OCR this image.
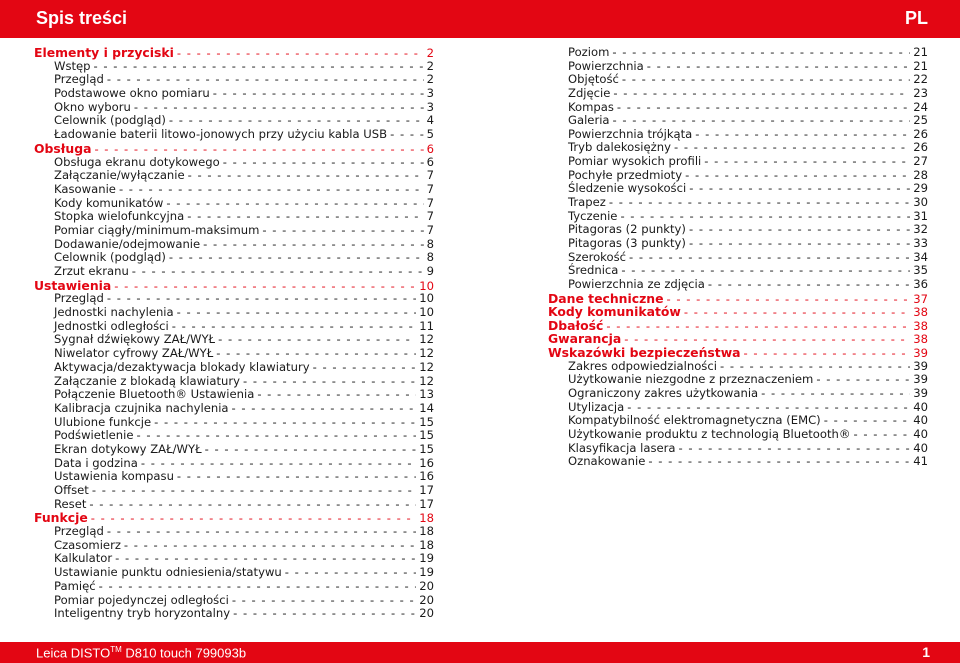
Spis treści	PL
Elementy i przyciski - - -	2
Wstęp - - -	2
Przegląd - - -	2
Podstawowe okno pomiaru - - -	3
Okno wyboru - - -	3
Celownik (podgląd) - - -	4
Ładowanie baterii litowo-jonowych przy użyciu kabla USB - - -	5
Obsługa - - -	6
Obsługa ekranu dotykowego - - -	6
Załączanie/wyłączanie - - -	7
Kasowanie - - -	7
Kody komunikatów - - -	7
Stopka wielofunkcyjna - - -	7
Pomiar ciągły/minimum-maksimum - - -	7
Dodawanie/odejmowanie - - -	8
Celownik (podgląd) - - -	8
Zrzut ekranu - - -	9
Ustawienia - - -	10
Przegląd - - -	10
Jednostki nachylenia - - -	10
Jednostki odległości - - -	11
Sygnał dźwiękowy ZAŁ/WYŁ - - -	12
Niwelator cyfrowy ZAŁ/WYŁ - - -	12
Aktywacja/dezaktywacja blokady klawiatury - - -	12
Załączanie z blokadą klawiatury - - -	12
Połączenie Bluetooth® Ustawienia - - -	13
Kalibracja czujnika nachylenia - - -	14
Ulubione funkcje - - -	15
Podświetlenie - - -	15
Ekran dotykowy ZAŁ/WYŁ - - -	15
Data i godzina - - -	16
Ustawienia kompasu - - -	16
Offset - - -	17
Reset - - -	17
Funkcje - - -	18
Przegląd - - -	18
Czasomierz - - -	18
Kalkulator - - -	19
Ustawianie punktu odniesienia/statywu - - -	19
Pamięć - - -	20
Pomiar pojedynczej odległości - - -	20
Inteligentny tryb horyzontalny - - -	20
Poziom - - -	21
Powierzchnia - - -	21
Objętość - - -	22
Zdjęcie - - -	23
Kompas - - -	24
Galeria - - -	25
Powierzchnia trójkąta - - -	26
Tryb dalekosiężny - - -	26
Pomiar wysokich profili - - -	27
Pochyłe przedmioty - - -	28
Śledzenie wysokości - - -	29
Trapez - - -	30
Tyczenie - - -	31
Pitagoras (2 punkty) - - -	32
Pitagoras (3 punkty) - - -	33
Szerokość - - -	34
Średnica - - -	35
Powierzchnia ze zdjęcia - - -	36
Dane techniczne - - -	37
Kody komunikatów - - -	38
Dbałość - - -	38
Gwarancja - - -	38
Wskazówki bezpieczeństwa - - -	39
Zakres odpowiedzialności - - -	39
Użytkowanie niezgodne z przeznaczeniem - - -	39
Ograniczony zakres użytkowania - - -	39
Utylizacja - - -	40
Kompatybilność elektromagnetyczna (EMC) - - -	40
Użytkowanie produktu z technologią Bluetooth® - - -	40
Klasyfikacja lasera - - -	40
Oznakowanie - - -	41
Leica DISTO™ D810 touch 799093b	1
